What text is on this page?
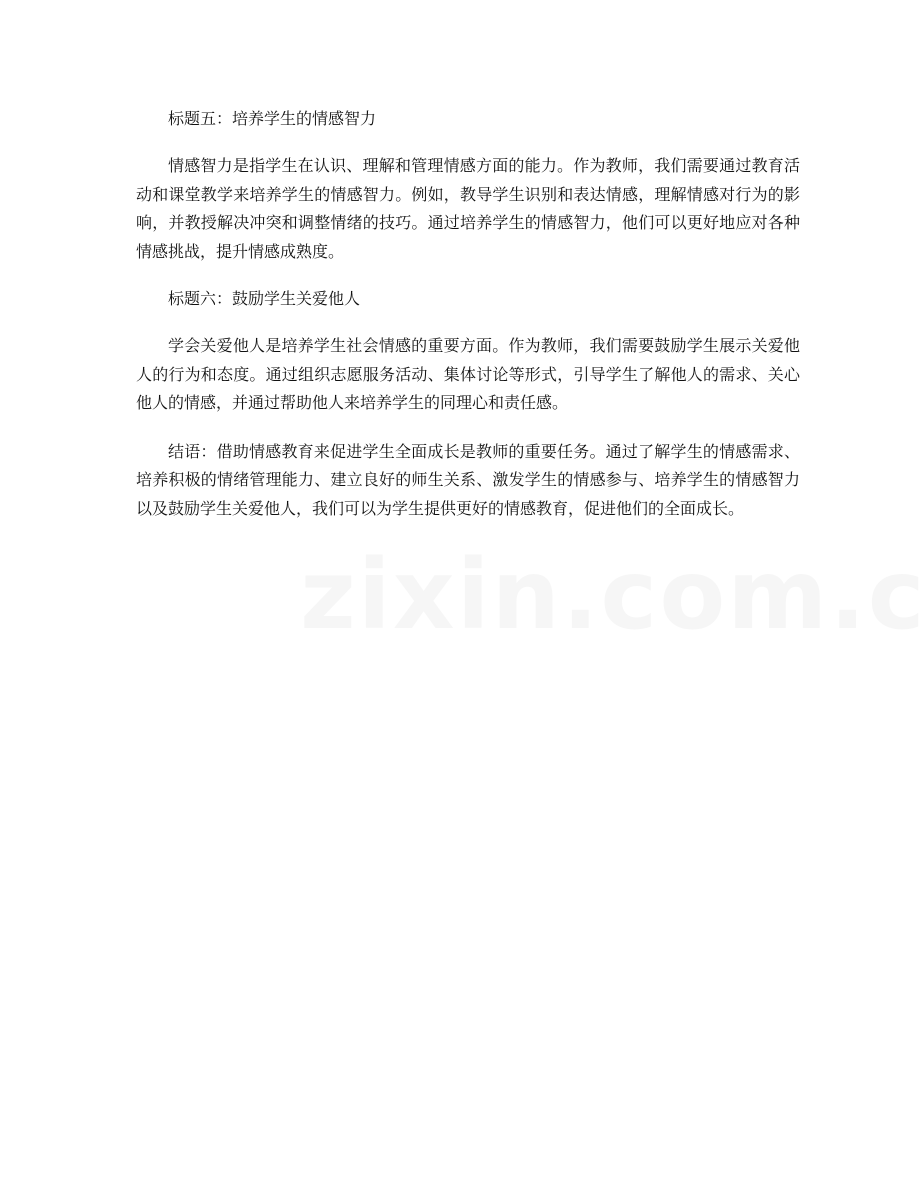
标题五：培养学生的情感智力

情感智力是指学生在认识、理解和管理情感方面的能力。作为教师，我们需要通过教育活动和课堂教学来培养学生的情感智力。例如，教导学生识别和表达情感，理解情感对行为的影响，并教授解决冲突和调整情绪的技巧。通过培养学生的情感智力，他们可以更好地应对各种情感挑战，提升情感成熟度。

标题六：鼓励学生关爱他人

学会关爱他人是培养学生社会情感的重要方面。作为教师，我们需要鼓励学生展示关爱他人的行为和态度。通过组织志愿服务活动、集体讨论等形式，引导学生了解他人的需求、关心他人的情感，并通过帮助他人来培养学生的同理心和责任感。

结语：借助情感教育来促进学生全面成长是教师的重要任务。通过了解学生的情感需求、培养积极的情绪管理能力、建立良好的师生关系、激发学生的情感参与、培养学生的情感智力以及鼓励学生关爱他人，我们可以为学生提供更好的情感教育，促进他们的全面成长。
